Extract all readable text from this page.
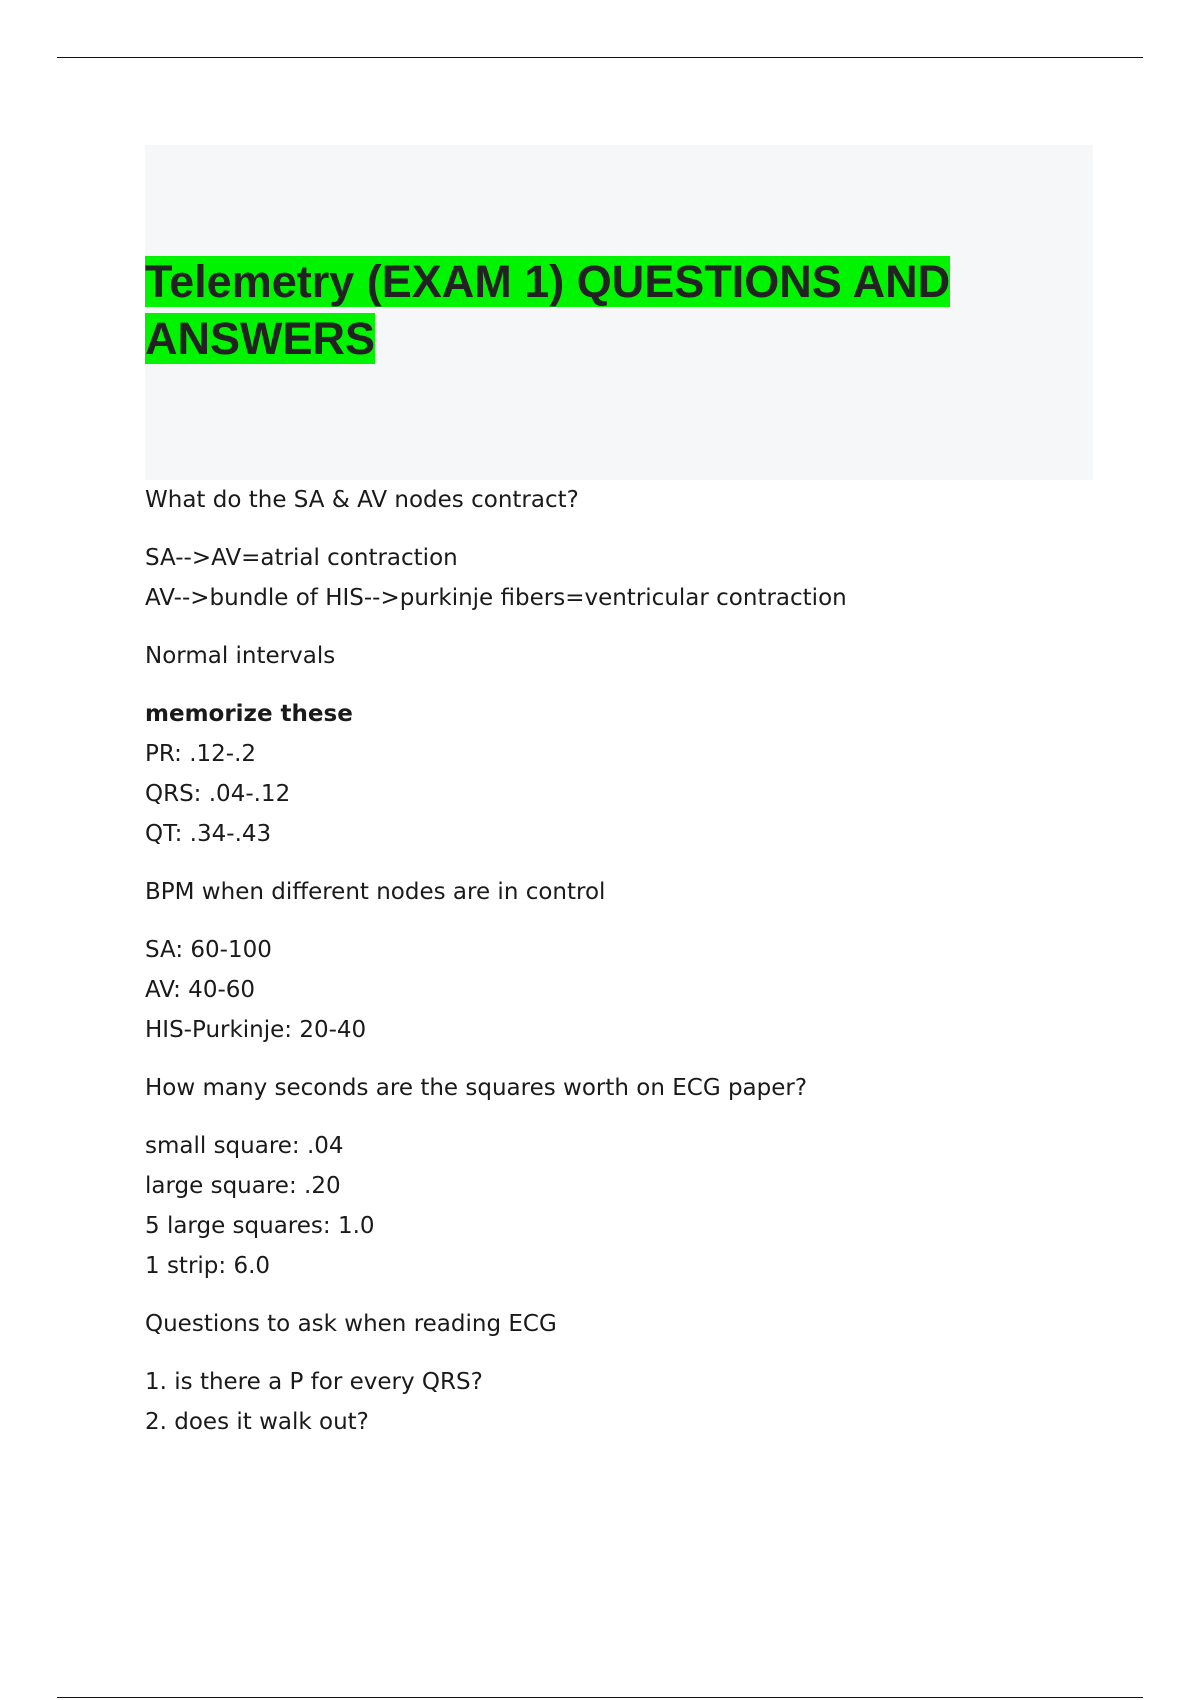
Telemetry (EXAM 1) QUESTIONS AND ANSWERS

What do the SA & AV nodes contract?

SA-->AV=atrial contraction
AV-->bundle of HIS-->purkinje fibers=ventricular contraction

Normal intervals

memorize these
PR: .12-.2
QRS: .04-.12
QT: .34-.43

BPM when different nodes are in control

SA: 60-100
AV: 40-60
HIS-Purkinje: 20-40

How many seconds are the squares worth on ECG paper?

small square: .04
large square: .20
5 large squares: 1.0
1 strip: 6.0

Questions to ask when reading ECG

1. is there a P for every QRS?
2. does it walk out?
